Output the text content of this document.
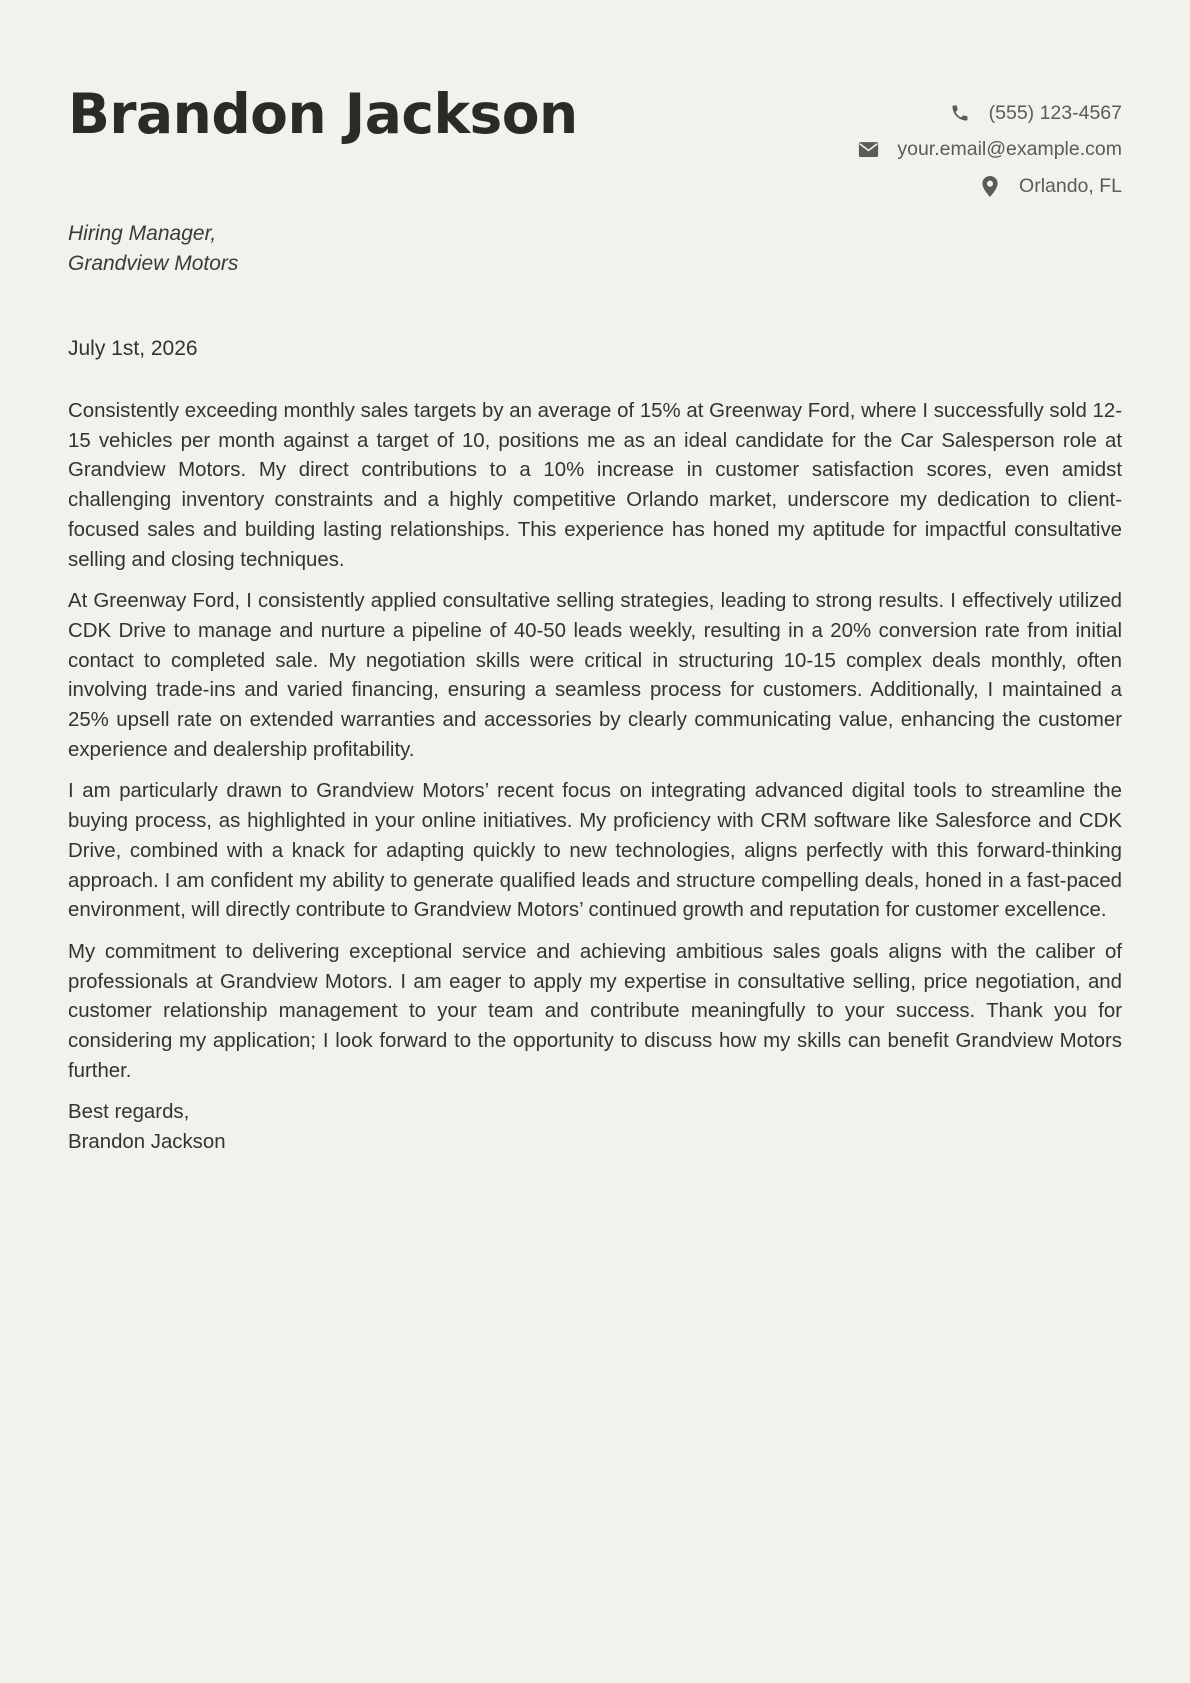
Brandon Jackson	(555) 123-4567
your.email@example.com
Orlando, FL
Hiring Manager,
Grandview Motors
July 1st, 2026

Consistently exceeding monthly sales targets by an average of 15% at Greenway Ford, where I successfully sold 12-15 vehicles per month against a target of 10, positions me as an ideal candidate for the Car Salesperson role at Grandview Motors. My direct contributions to a 10% increase in customer satisfaction scores, even amidst challenging inventory constraints and a highly competitive Orlando market, underscore my dedication to client-focused sales and building lasting relationships. This experience has honed my aptitude for impactful consultative selling and closing techniques.

At Greenway Ford, I consistently applied consultative selling strategies, leading to strong results. I effectively utilized CDK Drive to manage and nurture a pipeline of 40-50 leads weekly, resulting in a 20% conversion rate from initial contact to completed sale. My negotiation skills were critical in structuring 10-15 complex deals monthly, often involving trade-ins and varied financing, ensuring a seamless process for customers. Additionally, I maintained a 25% upsell rate on extended warranties and accessories by clearly communicating value, enhancing the customer experience and dealership profitability.

I am particularly drawn to Grandview Motors’ recent focus on integrating advanced digital tools to streamline the buying process, as highlighted in your online initiatives. My proficiency with CRM software like Salesforce and CDK Drive, combined with a knack for adapting quickly to new technologies, aligns perfectly with this forward-thinking approach. I am confident my ability to generate qualified leads and structure compelling deals, honed in a fast-paced environment, will directly contribute to Grandview Motors’ continued growth and reputation for customer excellence.

My commitment to delivering exceptional service and achieving ambitious sales goals aligns with the caliber of professionals at Grandview Motors. I am eager to apply my expertise in consultative selling, price negotiation, and customer relationship management to your team and contribute meaningfully to your success. Thank you for considering my application; I look forward to the opportunity to discuss how my skills can benefit Grandview Motors further.

Best regards,
Brandon Jackson
